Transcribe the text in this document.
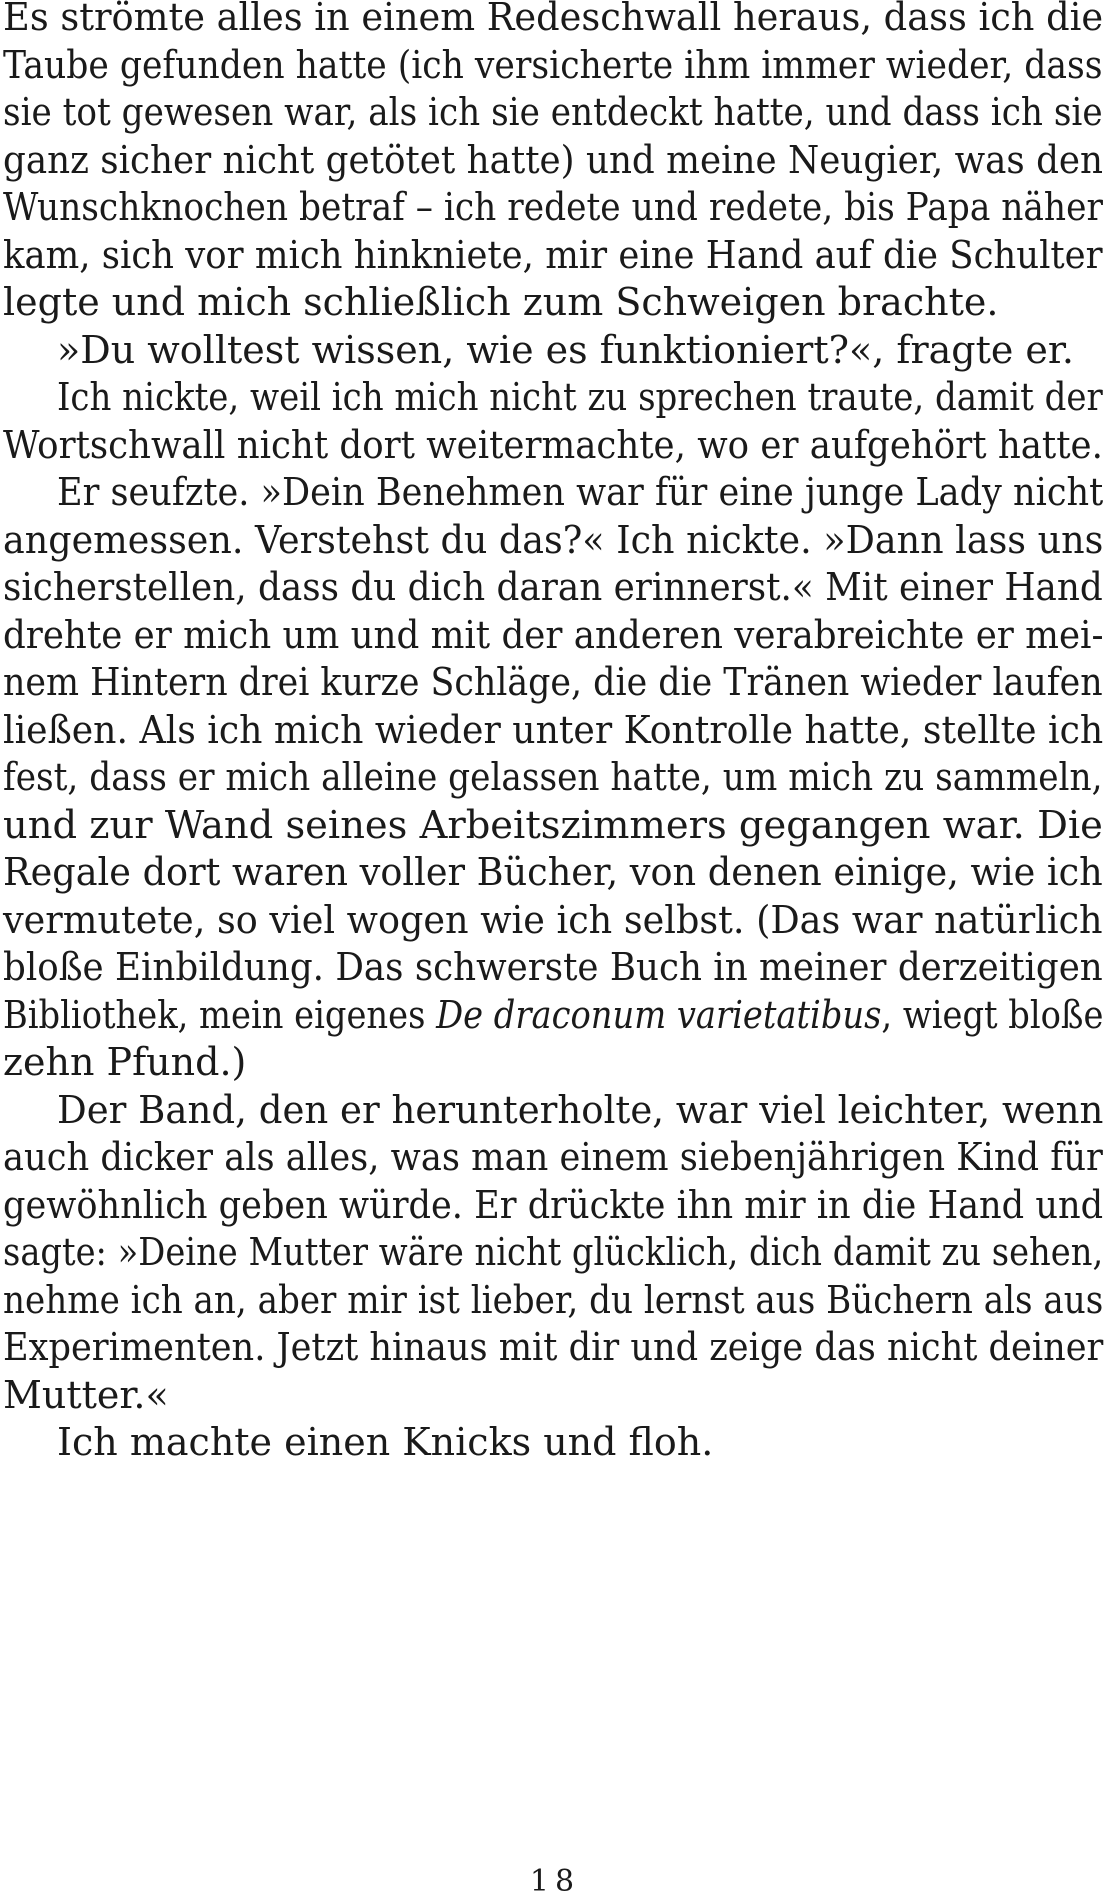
Es strömte alles in einem Redeschwall heraus, dass ich die
Taube gefunden hatte (ich versicherte ihm immer wieder, dass
sie tot gewesen war, als ich sie entdeckt hatte, und dass ich sie
ganz sicher nicht getötet hatte) und meine Neugier, was den
Wunschknochen betraf – ich redete und redete, bis Papa näher
kam, sich vor mich hinkniete, mir eine Hand auf die Schulter
legte und mich schließlich zum Schweigen brachte.
»Du wolltest wissen, wie es funktioniert?«, fragte er.
Ich nickte, weil ich mich nicht zu sprechen traute, damit der
Wortschwall nicht dort weitermachte, wo er aufgehört hatte.
Er seufzte. »Dein Benehmen war für eine junge Lady nicht
angemessen. Verstehst du das?« Ich nickte. »Dann lass uns
sicherstellen, dass du dich daran erinnerst.« Mit einer Hand
drehte er mich um und mit der anderen verabreichte er mei-
nem Hintern drei kurze Schläge, die die Tränen wieder laufen
ließen. Als ich mich wieder unter Kontrolle hatte, stellte ich
fest, dass er mich alleine gelassen hatte, um mich zu sammeln,
und zur Wand seines Arbeitszimmers gegangen war. Die
Regale dort waren voller Bücher, von denen einige, wie ich
vermutete, so viel wogen wie ich selbst. (Das war natürlich
bloße Einbildung. Das schwerste Buch in meiner derzeitigen
Bibliothek, mein eigenes De draconum varietatibus, wiegt bloße
zehn Pfund.)
Der Band, den er herunterholte, war viel leichter, wenn
auch dicker als alles, was man einem siebenjährigen Kind für
gewöhnlich geben würde. Er drückte ihn mir in die Hand und
sagte: »Deine Mutter wäre nicht glücklich, dich damit zu sehen,
nehme ich an, aber mir ist lieber, du lernst aus Büchern als aus
Experimenten. Jetzt hinaus mit dir und zeige das nicht deiner
Mutter.«
Ich machte einen Knicks und floh.
18
